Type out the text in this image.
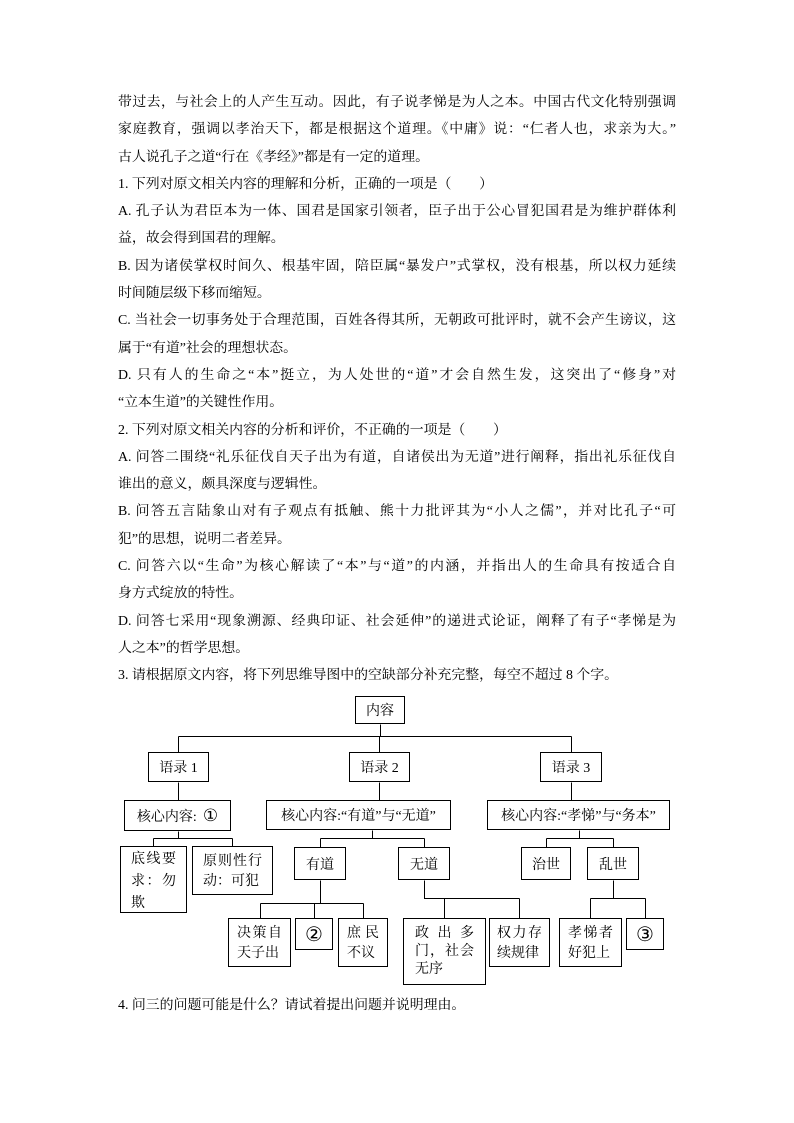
带过去，与社会上的人产生互动。因此，有子说孝悌是为人之本。中国古代文化特别强调
家庭教育，强调以孝治天下，都是根据这个道理。《中庸》说：“仁者人也，求亲为大。”
古人说孔子之道“行在《孝经》”都是有一定的道理。
1. 下列对原文相关内容的理解和分析，正确的一项是（　　）
A. 孔子认为君臣本为一体、国君是国家引领者，臣子出于公心冒犯国君是为维护群体利
益，故会得到国君的理解。
B. 因为诸侯掌权时间久、根基牢固，陪臣属“暴发户”式掌权，没有根基，所以权力延续
时间随层级下移而缩短。
C. 当社会一切事务处于合理范围，百姓各得其所，无朝政可批评时，就不会产生谤议，这
属于“有道”社会的理想状态。
D. 只有人的生命之“本”挺立，为人处世的“道”才会自然生发，这突出了“修身”对
“立本生道”的关键性作用。
2. 下列对原文相关内容的分析和评价，不正确的一项是（　　）
A. 问答二围绕“礼乐征伐自天子出为有道，自诸侯出为无道”进行阐释，指出礼乐征伐自
谁出的意义，颇具深度与逻辑性。
B. 问答五言陆象山对有子观点有抵触、熊十力批评其为“小人之儒”，并对比孔子“可
犯”的思想，说明二者差异。
C. 问答六以“生命”为核心解读了“本”与“道”的内涵，并指出人的生命具有按适合自
身方式绽放的特性。
D. 问答七采用“现象溯源、经典印证、社会延伸”的递进式论证，阐释了有子“孝悌是为
人之本”的哲学思想。
3. 请根据原文内容，将下列思维导图中的空缺部分补充完整，每空不超过 8 个字。
内容
语录 1	语录 2	语录 3
核心内容: ①	核心内容:“有道”与“无道”	核心内容:“孝悌”与“务本”
底线要求：勿欺
原则性行动：可犯
有道	无道	治世	乱世
决策自天子出
②	庶民不议
政出多门，社会无序
权力存续规律
孝悌者好犯上
③
4. 问三的问题可能是什么？请试着提出问题并说明理由。
